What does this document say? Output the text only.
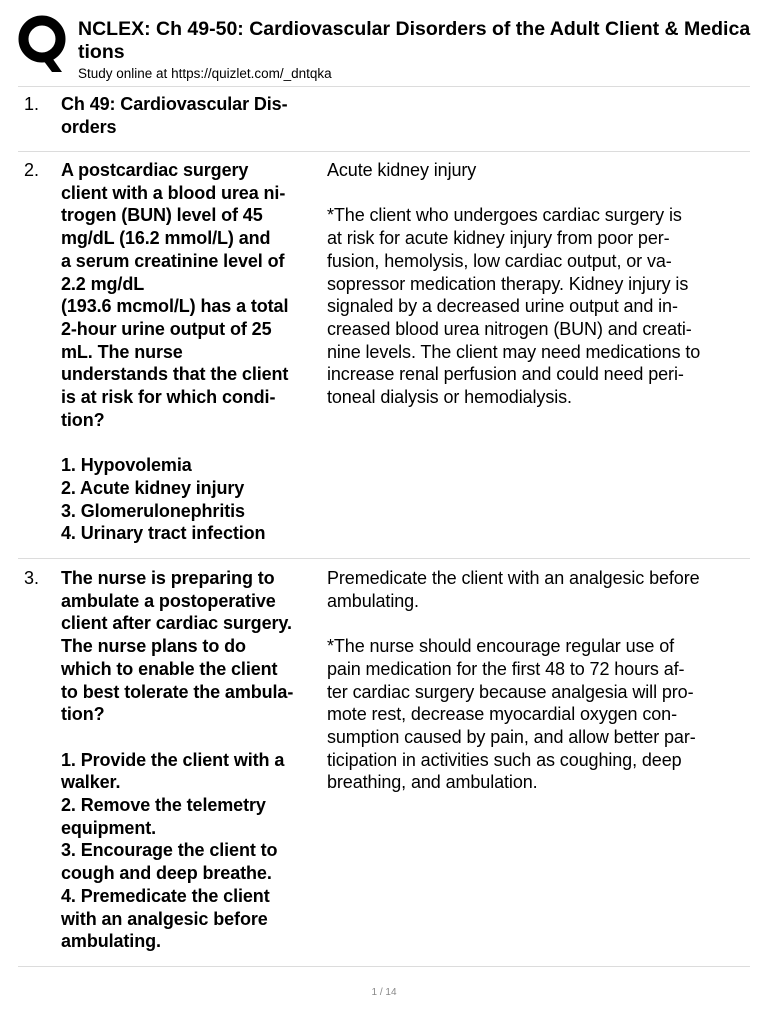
NCLEX: Ch 49-50: Cardiovascular Disorders of the Adult Client & Medica
tions
Study online at https://quizlet.com/_dntqka
1. Ch 49: Cardiovascular Dis-
orders
2. A postcardiac surgery
client with a blood urea ni-
trogen (BUN) level of 45
mg/dL (16.2 mmol/L) and
a serum creatinine level of
2.2 mg/dL
(193.6 mcmol/L) has a total
2-hour urine output of 25
mL. The nurse
understands that the client
is at risk for which condi-
tion?

1. Hypovolemia
2. Acute kidney injury
3. Glomerulonephritis
4. Urinary tract infection
Acute kidney injury

*The client who undergoes cardiac surgery is
at risk for acute kidney injury from poor per-
fusion, hemolysis, low cardiac output, or va-
sopressor medication therapy. Kidney injury is
signaled by a decreased urine output and in-
creased blood urea nitrogen (BUN) and creati-
nine levels. The client may need medications to
increase renal perfusion and could need peri-
toneal dialysis or hemodialysis.
3. The nurse is preparing to
ambulate a postoperative
client after cardiac surgery.
The nurse plans to do
which to enable the client
to best tolerate the ambula-
tion?

1. Provide the client with a
walker.
2. Remove the telemetry
equipment.
3. Encourage the client to
cough and deep breathe.
4. Premedicate the client
with an analgesic before
ambulating.
Premedicate the client with an analgesic before
ambulating.

*The nurse should encourage regular use of
pain medication for the first 48 to 72 hours af-
ter cardiac surgery because analgesia will pro-
mote rest, decrease myocardial oxygen con-
sumption caused by pain, and allow better par-
ticipation in activities such as coughing, deep
breathing, and ambulation.
1 / 14
